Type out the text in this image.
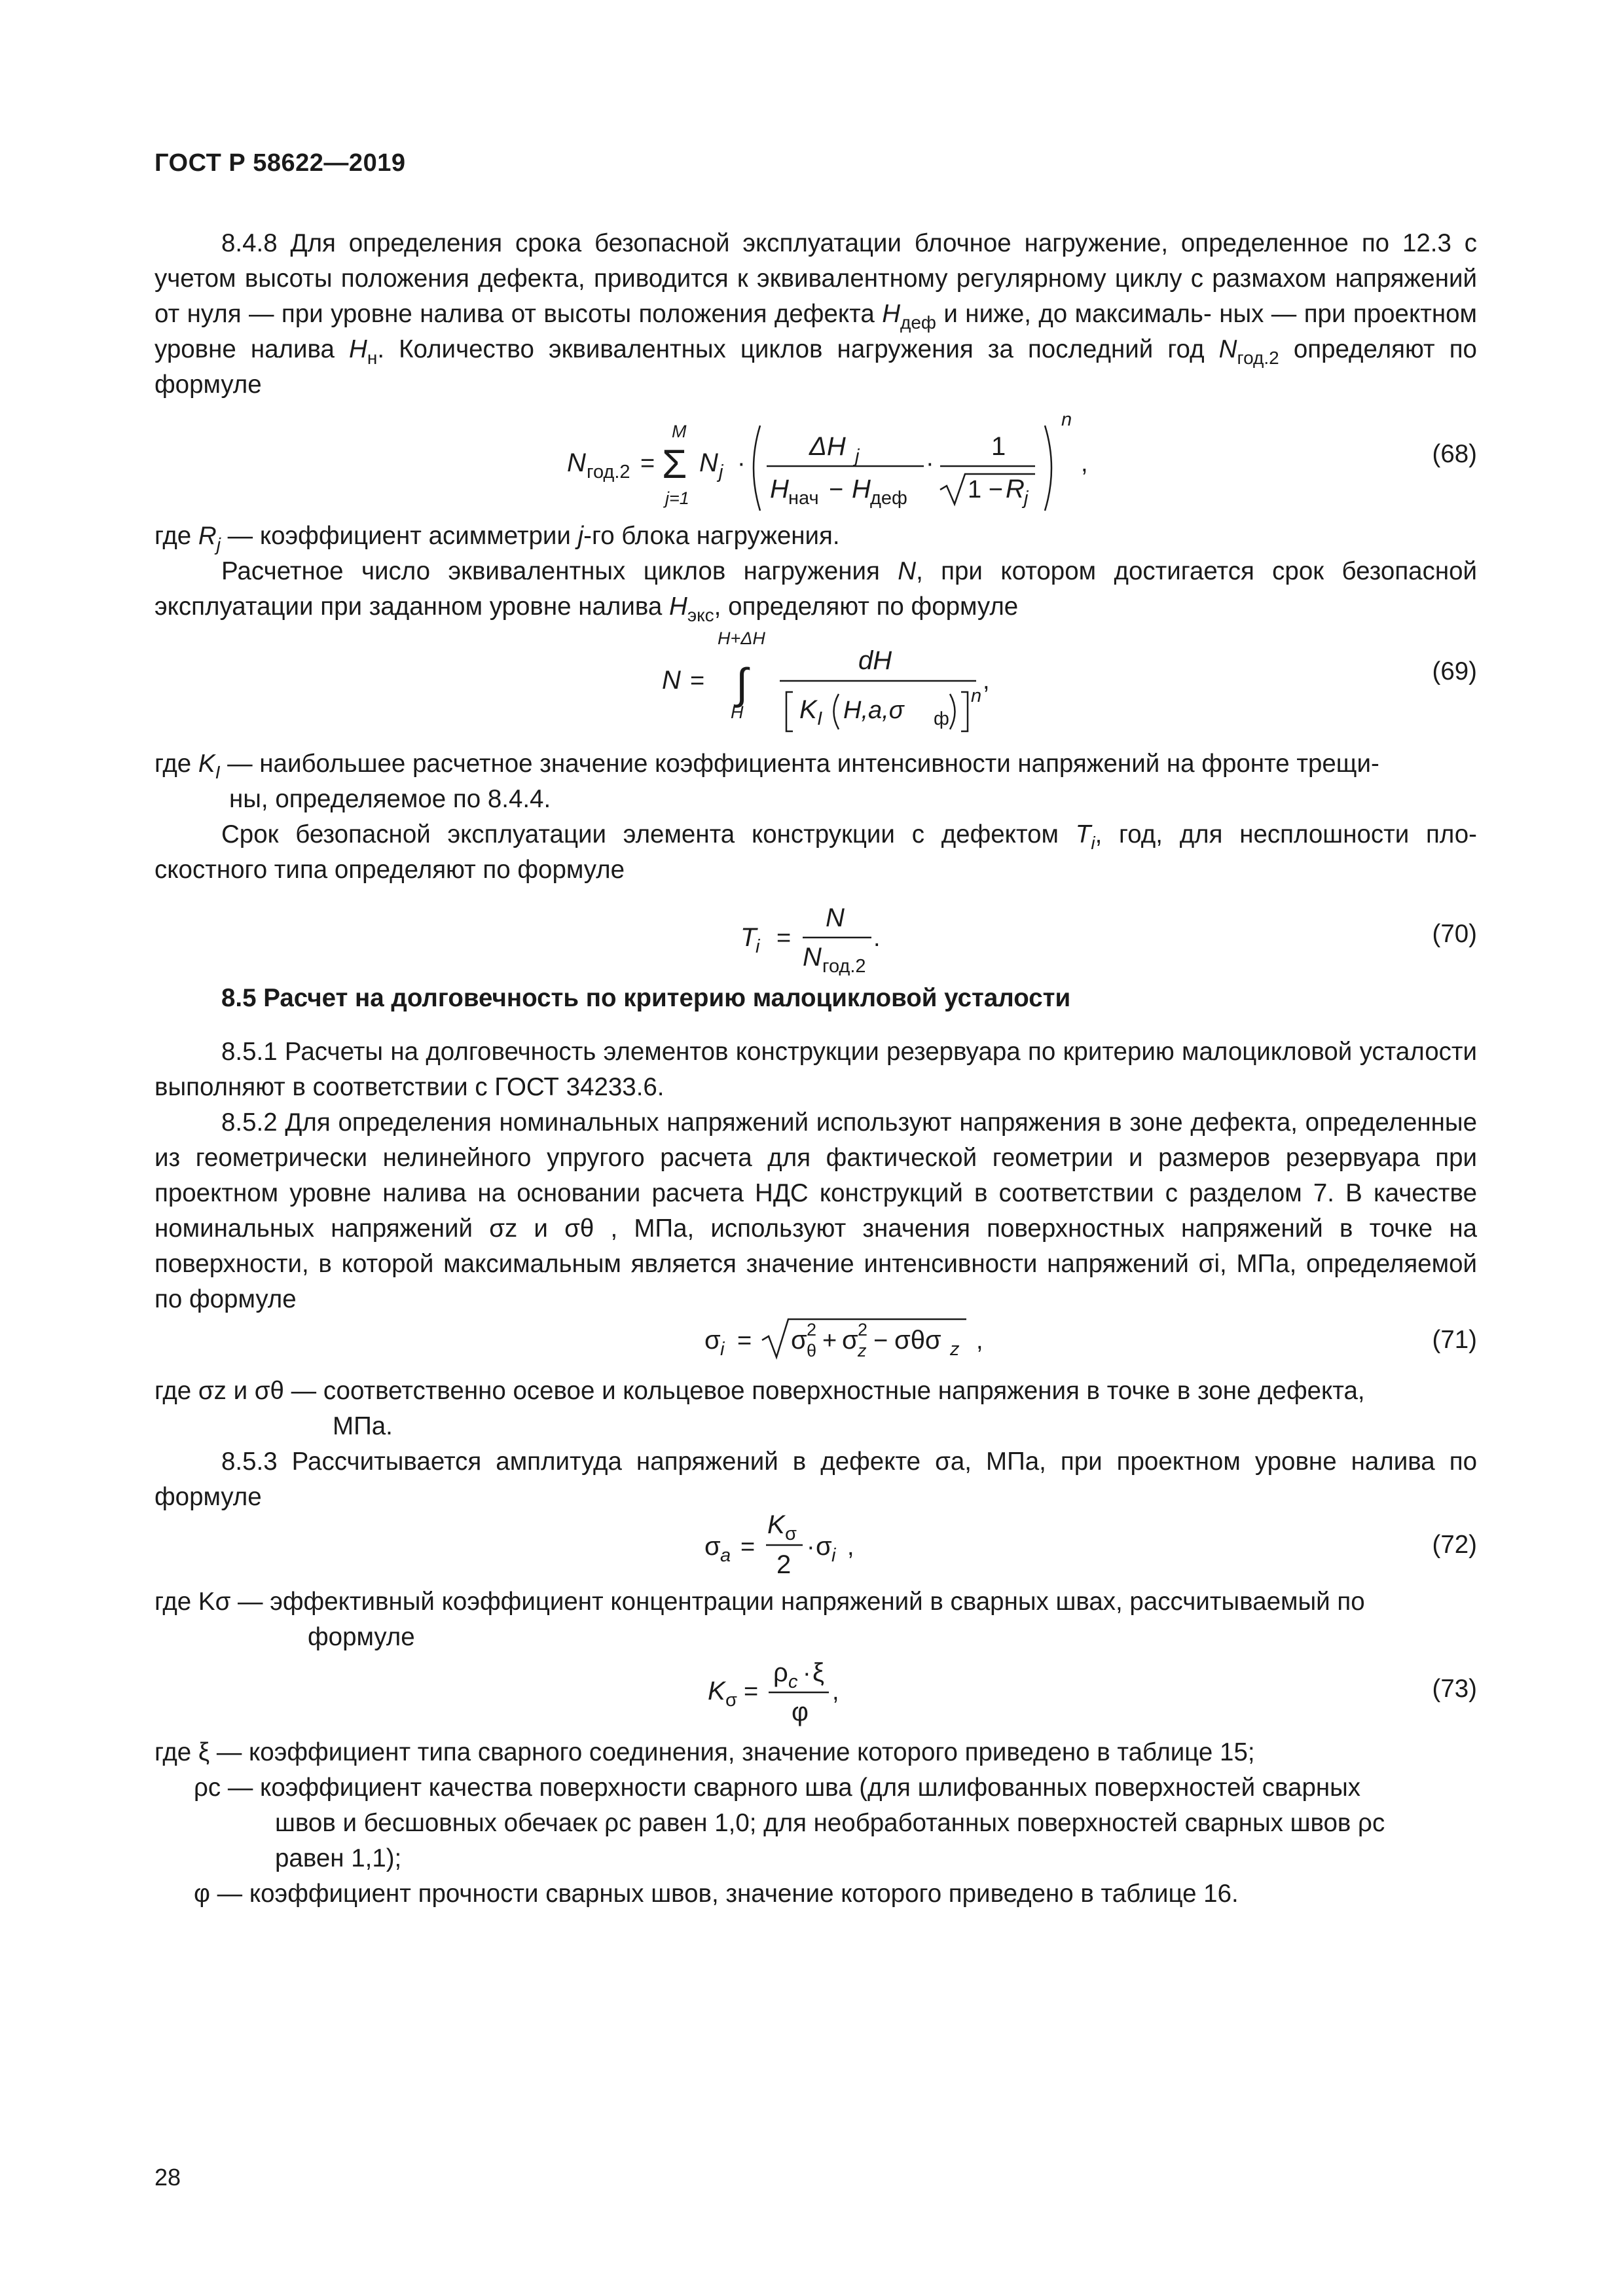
ГОСТ Р 58622—2019
8.4.8 Для определения срока безопасной эксплуатации блочное нагружение, определенное по 12.3 с учетом высоты положения дефекта, приводится к эквивалентному регулярному циклу с размахом напряжений от нуля — при уровне налива от высоты положения дефекта $H_{деф}$ и ниже, до максималь- ных — при проектном уровне налива $H_н$. Количество эквивалентных циклов нагружения за последний год $N_{год.2}$ определяют по формуле
N год.2 =
M
Σ
j=1
N j ·
ΔH j
H нач − H деф
·
1
1 − R j
n
,	(68)
где $R_j$ — коэффициент асимметрии j-го блока нагружения.
Расчетное число эквивалентных циклов нагружения N, при котором достигается срок безопасной эксплуатации при заданном уровне налива $H_{экс}$, определяют по формуле
N =
H+ΔH
∫
H
dH
K I H,a,σ ф
n
,	(69)
где $K_I$ — наибольшее расчетное значение коэффициента интенсивности напряжений на фронте трещи-
ны, определяемое по 8.4.4.
Срок безопасной эксплуатации элемента конструкции с дефектом $T_i$, год, для несплошности пло- скостного типа определяют по формуле
T
i =
N
N год.2
.	(70)
8.5 Расчет на долговечность по критерию малоцикловой усталости
8.5.1 Расчеты на долговечность элементов конструкции резервуара по критерию малоцикловой усталости выполняют в соответствии с ГОСТ 34233.6.
8.5.2 Для определения номинальных напряжений используют напряжения в зоне дефекта, определенные из геометрически нелинейного упругого расчета для фактической геометрии и размеров резервуара при проектном уровне налива на основании расчета НДС конструкций в соответствии с разделом 7. В качестве номинальных напряжений σz и σθ , МПа, используют значения поверхностных напряжений в точке на поверхности, в которой максимальным является значение интенсивности напряжений σi, МПа, определяемой по формуле
σ i = σ 2
θ + σ 2
z − σθσ z ,	(71)
где σz и σθ — соответственно осевое и кольцевое поверхностные напряжения в точке в зоне дефекта,
МПа.
8.5.3 Рассчитывается амплитуда напряжений в дефекте σa, МПа, при проектном уровне налива по формуле
σ a =
K σ
2
· σ i ,	(72)
где Kσ — эффективный коэффициент концентрации напряжений в сварных швах, рассчитываемый по
формуле
K σ =
ρ c · ξ
φ
,	(73)
где ξ — коэффициент типа сварного соединения, значение которого приведено в таблице 15;
ρc — коэффициент качества поверхности сварного шва (для шлифованных поверхностей сварных
швов и бесшовных обечаек ρc равен 1,0; для необработанных поверхностей сварных швов ρc
равен 1,1);
φ — коэффициент прочности сварных швов, значение которого приведено в таблице 16.
28
